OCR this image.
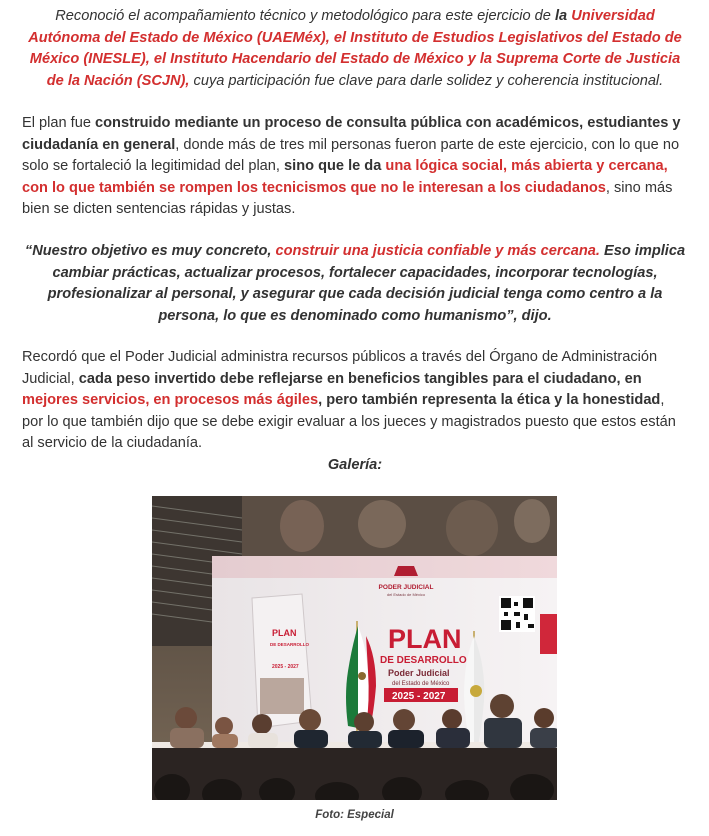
Reconoció el acompañamiento técnico y metodológico para este ejercicio de la Universidad Autónoma del Estado de México (UAEMéx), el Instituto de Estudios Legislativos del Estado de México (INESLE), el Instituto Hacendario del Estado de México y la Suprema Corte de Justicia de la Nación (SCJN), cuya participación fue clave para darle solidez y coherencia institucional.

El plan fue construido mediante un proceso de consulta pública con académicos, estudiantes y ciudadanía en general, donde más de tres mil personas fueron parte de este ejercicio, con lo que no solo se fortaleció la legitimidad del plan, sino que le da una lógica social, más abierta y cercana, con lo que también se rompen los tecnicismos que no le interesan a los ciudadanos, sino más bien se dicten sentencias rápidas y justas.

“Nuestro objetivo es muy concreto, construir una justicia confiable y más cercana. Eso implica cambiar prácticas, actualizar procesos, fortalecer capacidades, incorporar tecnologías, profesionalizar al personal, y asegurar que cada decisión judicial tenga como centro a la persona, lo que es denominado como humanismo”, dijo.

Recordó que el Poder Judicial administra recursos públicos a través del Órgano de Administración Judicial, cada peso invertido debe reflejarse en beneficios tangibles para el ciudadano, en mejores servicios, en procesos más ágiles, pero también representa la ética y la honestidad, por lo que también dijo que se debe exigir evaluar a los jueces y magistrados puesto que estos están al servicio de la ciudadanía.

Galería:

PODER JUDICIAL
del Estado de México
PLAN
DE DESARROLLO
2025 - 2027
PLAN
DE DESARROLLO
Poder Judicial
del Estado de México
2025 - 2027
Foto: Especial
